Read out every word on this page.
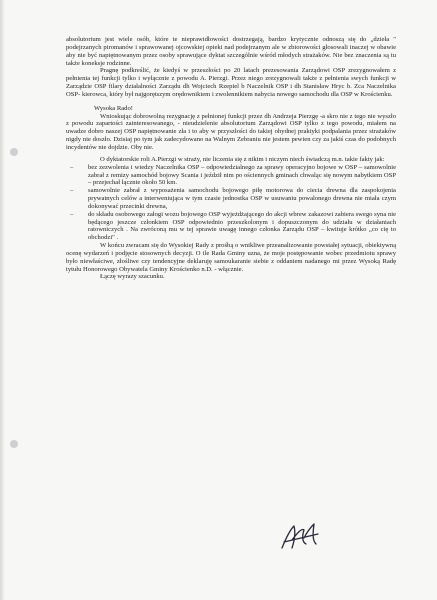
absolutorium jest wiele osób, które te nieprawidłowości dostrzegają, bardzo krytycznie odnoszą się do „dzieła " podejrzanych piromanów i sprawowanej ojcowskiej opieki nad podejrzanym ale w zbiorowości głosowali inaczej w obawie aby nie być napiętnowanym przez osoby sprawujące dyktat szczególnie wśród młodych strażaków. Nie bez znaczenia są tu także koneksje rodzinne.

Pragnę podkreślić, że kiedyś w przeszłości po 20 latach prezesowania Zarządowi OSP zrezygnowałem z pełnienia tej funkcji tylko i wyłącznie z powodu A. Pierzgi. Przez niego zrezygnowali także z pełnienia swych funkcji w Zarządzie OSP filary działalności Zarządu dh Wojciech Rzepiel b Naczelnik OSP i dh Stanisław Hryc b. Zca Naczelnika OSP- kierowca, który był najgorętszym orędownikiem i zwolennikiem nabycia nowego samochodu dla OSP w Krościenku.

Wysoka Rado!

Wnioskując dobrowolną rezygnację z pełnionej funkcji przez dh Andrzeja Pierzgę -a skro nie z tego nie wyszło z powodu zapartości zainteresowanego, - nieudzielenie absolutorium Zarządowi OSP tylko z tego powodu, miałem na uwadze dobro naszej OSP napiętnowanie zła i to aby w przyszłości do takiej ohydnej praktyki podpalania przez strażaków nigdy nie doszło. Dzisiaj po tym jak zadecydowano na Walnym Zebraniu nie jestem pewien czy za jakiś czas do podobnych incydentów nie dojdzie. Oby nie.

O dyktatorskie roli A.Pierzgi w straży, nie liczenia się z nikim i niczym niech świadczą m.n. takie fakty jak:

– bez zezwolenia i wiedzy Naczelnika OSP – odpowiedzialnego za sprawy operacyjno bojowe w OSP – samowolnie zabrał z remizy samochód bojowy Scania i jeździł nim po ościennych gminach chwaląc się nowym nabytkiem OSP – przejechał łącznie około 50 km.
– samowolnie zabrał z wyposażenia samochodu bojowego piłę motorowa do ciecia drewna dla zaspokojenia prywatnych celów a interweniująca w tym czasie jednostka OSP w usuwaniu powalonego drewna nie miała czym dokonywać przecinki drewna,
– do składu osobowego załogi wozu bojowego OSP wyjeżdżającego do akcji wbrew zakazowi zabiera swego syna nie będącego jeszcze członkiem OSP odpowiednio przeszkolonym i dopuszczonym do udziału w działaniach ratowniczych . Na zwróconą mu w tej sprawie uwagę innego członka Zarządu OSP – kwituje krótko „co cię to obchodzi" .

W końcu zwracam się do Wysokiej Rady z prośbą o wnikliwe przeanalizowanie powstałej sytuacji, obiektywną ocenę wydarzeń i podjęcie stosownych decyzji. O ile Rada Gminy uzna, że moje postępowanie wobec przedmiotu sprawy było niewłaściwe, złośliwe czy tendencyjne deklaruję samoukaranie siebie z oddaniem nadanego mi przez Wysoką Radę tytułu Honorowego Obywatela Gminy Krościenko n.D. - włącznie.

Łączę wyrazy szacunku.
